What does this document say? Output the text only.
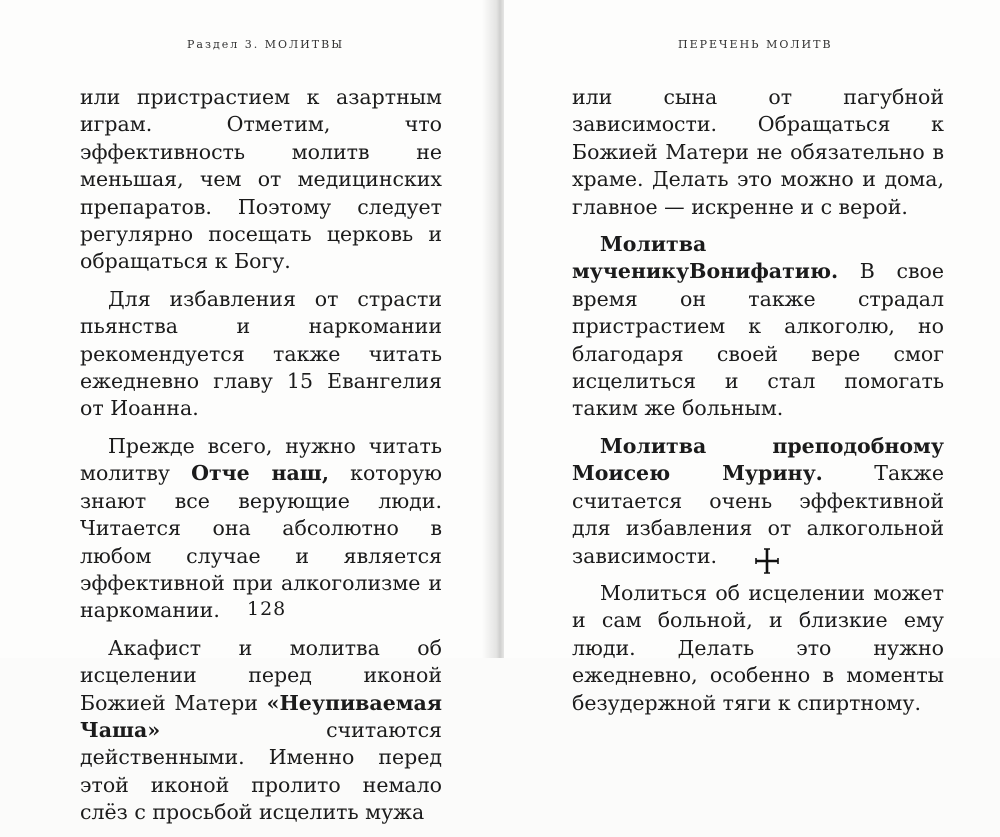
Раздел 3. МОЛИТВЫ

или пристрастием к азартным играм. Отметим, что эффективность молитв не меньшая, чем от медицинских препаратов. Поэтому следует регулярно посещать церковь и обращаться к Богу.

Для избавления от страсти пьянства и наркомании рекомендуется также читать ежедневно главу 15 Евангелия от Иоанна.

Прежде всего, нужно читать молитву Отче наш, которую знают все верующие люди. Читается она абсолютно в любом случае и является эффективной при алкоголизме и наркомании.

Акафист и молитва об исцелении перед иконой Божией Матери «Неупиваемая Чаша» считаются действенными. Именно перед этой иконой пролито немало слёз с просьбой исцелить мужа

128
ПЕРЕЧЕНЬ МОЛИТВ

или сына от пагубной зависимости. Обращаться к Божией Матери не обязательно в храме. Делать это можно и дома, главное — искренне и с верой.

Молитва мученикуВонифатию. В свое время он также страдал пристрастием к алкоголю, но благодаря своей вере смог исцелиться и стал помогать таким же больным.

Молитва преподобному Моисею Мурину. Также считается очень эффективной для избавления от алкогольной зависимости.

Молиться об исцелении может и сам больной, и близкие ему люди. Делать это нужно ежедневно, особенно в моменты безудержной тяги к спиртному.
